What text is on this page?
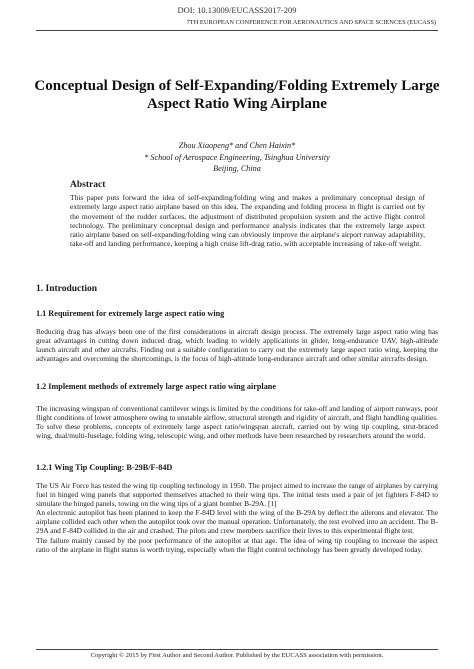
DOI: 10.13009/EUCASS2017-209
7TH EUROPEAN CONFERENCE FOR AERONAUTICS AND SPACE SCIENCES (EUCASS)
Conceptual Design of Self-Expanding/Folding Extremely Large Aspect Ratio Wing Airplane
Zhou Xiaopeng* and Chen Haixin*
* School of Aerospace Engineering, Tsinghua University
Beijing, China
Abstract
This paper puts forward the idea of self-expanding/folding wing and makes a preliminary conceptual design of extremely large aspect ratio airplane based on this idea. The expanding and folding process in flight is carried out by the movement of the rudder surfaces, the adjustment of distributed propulsion system and the active flight control technology. The preliminary conceptual design and performance analysis indicates that the extremely large aspect ratio airplane based on self-expanding/folding wing can obviously improve the airplane's airport runway adaptability, take-off and landing performance, keeping a high cruise lift-drag ratio, with acceptable increasing of take-off weight.
1. Introduction
1.1 Requirement for extremely large aspect ratio wing
Reducing drag has always been one of the first considerations in aircraft design process. The extremely large aspect ratio wing has great advantages in cutting down induced drag, which leading to widely applications in glider, long-endurance UAV, high-altitude launch aircraft and other aircrafts. Finding out a suitable configuration to carry out the extremely large aspect ratio wing, keeping the advantages and overcoming the shortcomings, is the focus of high-altitude long-endurance aircraft and other similar aircrafts design.
1.2 Implement methods of extremely large aspect ratio wing airplane
The increasing wingspan of conventional cantilever wings is limited by the conditions for take-off and landing of airport runways, poor flight conditions of lower atmosphere owing to unstable airflow, structural strength and rigidity of aircraft, and flight handling qualities. To solve these problems, concepts of extremely large aspect ratio/wingspan aircraft, carried out by wing tip coupling, strut-braced wing, dual/multi-fuselage, folding wing, telescopic wing, and other methods have been researched by researchers around the world.
1.2.1 Wing Tip Coupling: B-29B/F-84D

The US Air Force has tested the wing tip coupling technology in 1950. The project aimed to increase the range of airplanes by carrying fuel in hinged wing panels that supported themselves attached to their wing tips. The initial tests used a pair of jet fighters F-84D to simulate the hinged panels, towing on the wing tips of a giant bomber B-29A. [1]

An electronic autopilot has been planned to keep the F-84D level with the wing of the B-29A by deflect the ailerons and elevator. The airplane collided each other when the autopilot took over the manual operation. Unfortunately, the test evolved into an accident. The B-29A and F-84D collided in the air and crashed. The pilots and crew members sacrifice their lives to this experimental flight test.

The failure mainly caused by the poor performance of the autopilot at that age. The idea of wing tip coupling to increase the aspect ratio of the airplane in flight status is worth trying, especially when the flight control technology has been greatly developed today.

Copyright © 2015 by First Author and Second Author. Published by the EUCASS association with permission.
